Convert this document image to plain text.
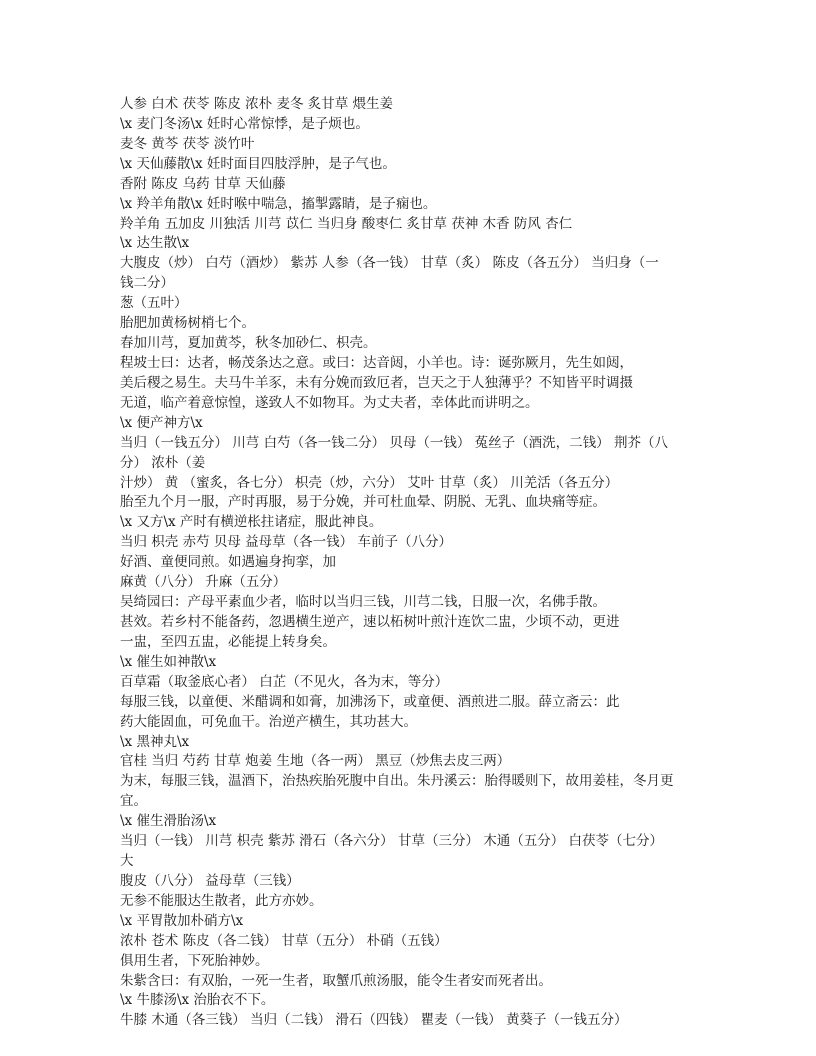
人参 白术 茯苓 陈皮 浓朴 麦冬 炙甘草 煨生姜
\x 麦门冬汤\x 妊时心常惊悸，是子烦也。
麦冬 黄芩 茯苓 淡竹叶
\x 天仙藤散\x 妊时面目四肢浮肿，是子气也。
香附 陈皮 乌药 甘草 天仙藤
\x 羚羊角散\x 妊时喉中喘急，搐掣露睛，是子痫也。
羚羊角 五加皮 川独活 川芎 苡仁 当归身 酸枣仁 炙甘草 茯神 木香 防风 杏仁
\x 达生散\x
大腹皮（炒） 白芍（酒炒） 紫苏 人参（各一钱） 甘草（炙） 陈皮（各五分） 当归身（一
钱二分）
葱（五叶）
胎肥加黄杨树梢七个。
春加川芎，夏加黄芩，秋冬加砂仁、枳壳。
程坡士曰：达者，畅茂条达之意。或曰：达音闼，小羊也。诗：诞弥厥月，先生如闼，
美后稷之易生。夫马牛羊豕，未有分娩而致厄者，岂天之于人独薄乎？不知皆平时调摄
无道，临产着意惊惶，遂致人不如物耳。为丈夫者，幸体此而讲明之。
\x 便产神方\x
当归（一钱五分） 川芎 白芍（各一钱二分） 贝母（一钱） 菟丝子（酒洗，二钱） 荆芥（八
分） 浓朴（姜
汁炒） 黄 （蜜炙，各七分） 枳壳（炒，六分） 艾叶 甘草（炙） 川羌活（各五分）
胎至九个月一服，产时再服，易于分娩，并可杜血晕、阴脱、无乳、血块痛等症。
\x 又方\x 产时有横逆枨拄诸症，服此神良。
当归 枳壳 赤芍 贝母 益母草（各一钱） 车前子（八分）
好酒、童便同煎。如遇遍身拘挛，加
麻黄（八分） 升麻（五分）
吴绮园曰：产母平素血少者，临时以当归三钱，川芎二钱，日服一次，名佛手散。
甚效。若乡村不能备药，忽遇横生逆产，速以柘树叶煎汁连饮二盅，少顷不动，更进
一盅，至四五盅，必能提上转身矣。
\x 催生如神散\x
百草霜（取釜底心者） 白芷（不见火，各为末，等分）
每服三钱，以童便、米醋调和如膏，加沸汤下，或童便、酒煎进二服。薛立斋云：此
药大能固血，可免血干。治逆产横生，其功甚大。
\x 黑神丸\x
官桂 当归 芍药 甘草 炮姜 生地（各一两） 黑豆（炒焦去皮三两）
为末，每服三钱，温酒下，治热疾胎死腹中自出。朱丹溪云：胎得暖则下，故用姜桂，冬月更
宜。
\x 催生滑胎汤\x
当归（一钱） 川芎 枳壳 紫苏 滑石（各六分） 甘草（三分） 木通（五分） 白茯苓（七分）
大
腹皮（八分） 益母草（三钱）
无参不能服达生散者，此方亦妙。
\x 平胃散加朴硝方\x
浓朴 苍术 陈皮（各二钱） 甘草（五分） 朴硝（五钱）
俱用生者，下死胎神妙。
朱紫含曰：有双胎，一死一生者，取蟹爪煎汤服，能令生者安而死者出。
\x 牛膝汤\x 治胎衣不下。
牛膝 木通（各三钱） 当归（二钱） 滑石（四钱） 瞿麦（一钱） 黄葵子（一钱五分）
